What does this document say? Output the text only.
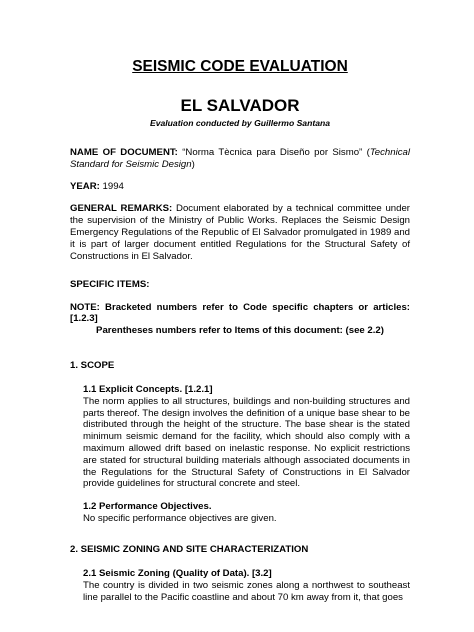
SEISMIC CODE EVALUATION
EL SALVADOR
Evaluation conducted by Guillermo Santana

NAME OF DOCUMENT: “Norma Tècnica para Diseño por Sismo” (Technical Standard for Seismic Design)

YEAR: 1994

GENERAL REMARKS: Document elaborated by a technical committee under the supervision of the Ministry of Public Works. Replaces the Seismic Design Emergency Regulations of the Republic of El Salvador promulgated in 1989 and it is part of larger document entitled Regulations for the Structural Safety of Constructions in El Salvador.

SPECIFIC ITEMS:

NOTE: Bracketed numbers refer to Code specific chapters or articles: [1.2.3]

Parentheses numbers refer to Items of this document: (see 2.2)

1. SCOPE
1.1 Explicit Concepts. [1.2.1]

The norm applies to all structures, buildings and non-building structures and parts thereof. The design involves the definition of a unique base shear to be distributed through the height of the structure. The base shear is the stated minimum seismic demand for the facility, which should also comply with a maximum allowed drift based on inelastic response. No explicit restrictions are stated for structural building materials although associated documents in the Regulations for the Structural Safety of Constructions in El Salvador provide guidelines for structural concrete and steel.

1.2 Performance Objectives.

No specific performance objectives are given.

2. SEISMIC ZONING AND SITE CHARACTERIZATION
2.1 Seismic Zoning (Quality of Data). [3.2]

The country is divided in two seismic zones along a northwest to southeast line parallel to the Pacific coastline and about 70 km away from it, that goes
